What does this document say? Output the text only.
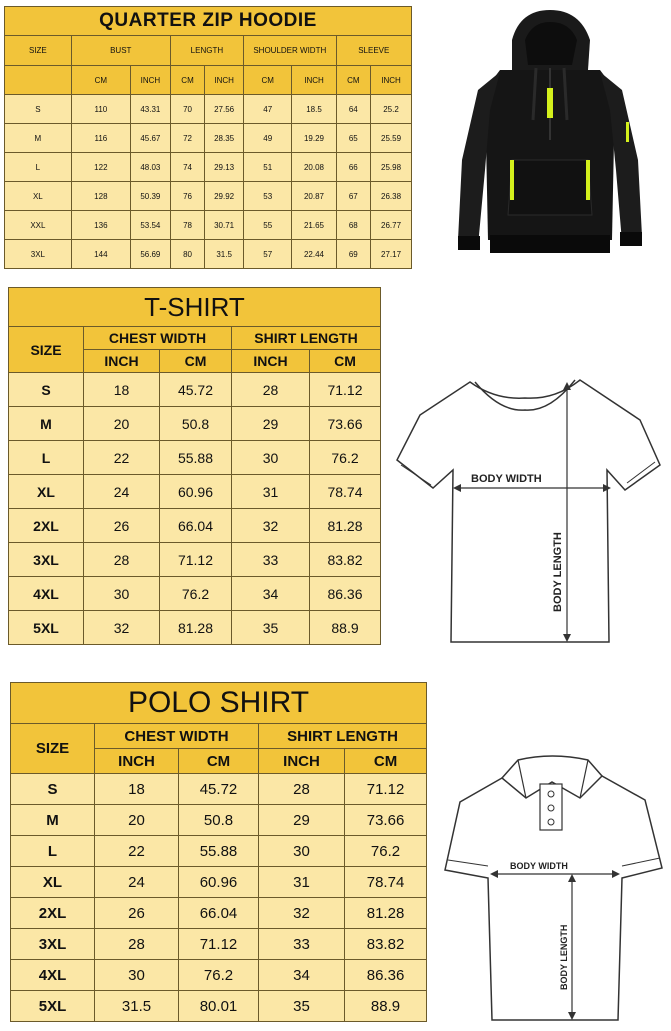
QUARTER ZIP HOODIE								
SIZE	BUST		LENGTH		SHOULDER WIDTH		SLEEVE	
	CM	INCH	CM	INCH	CM	INCH	CM	INCH
S	110	43.31	70	27.56	47	18.5	64	25.2
M	116	45.67	72	28.35	49	19.29	65	25.59
L	122	48.03	74	29.13	51	20.08	66	25.98
XL	128	50.39	76	29.92	53	20.87	67	26.38
XXL	136	53.54	78	30.71	55	21.65	68	26.77
3XL	144	56.69	80	31.5	57	22.44	69	27.17
T-SHIRT				
SIZE	CHEST WIDTH		SHIRT LENGTH	
	INCH	CM	INCH	CM
S	18	45.72	28	71.12
M	20	50.8	29	73.66
L	22	55.88	30	76.2
XL	24	60.96	31	78.74
2XL	26	66.04	32	81.28
3XL	28	71.12	33	83.82
4XL	30	76.2	34	86.36
5XL	32	81.28	35	88.9
POLO SHIRT				
SIZE	CHEST WIDTH		SHIRT LENGTH	
	INCH	CM	INCH	CM
S	18	45.72	28	71.12
M	20	50.8	29	73.66
L	22	55.88	30	76.2
XL	24	60.96	31	78.74
2XL	26	66.04	32	81.28
3XL	28	71.12	33	83.82
4XL	30	76.2	34	86.36
5XL	31.5	80.01	35	88.9
BODY WIDTH
BODY LENGTH
BODY WIDTH
BODY LENGTH
